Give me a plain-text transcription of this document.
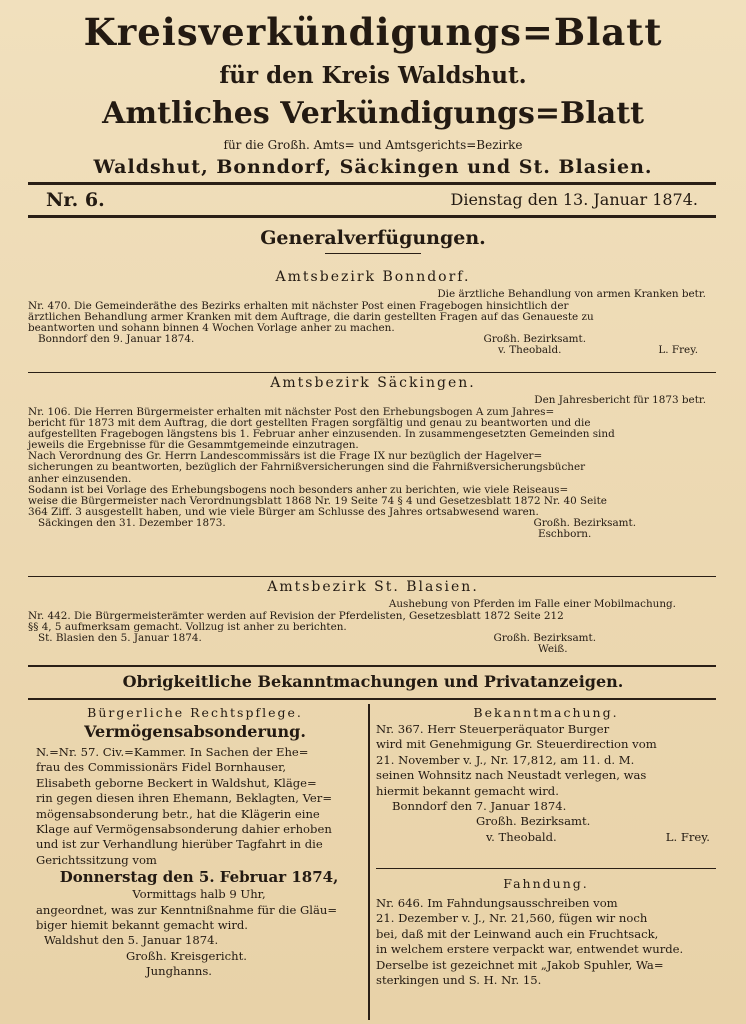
Kreisverkündigungs=Blatt
für den Kreis Waldshut.
Amtliches Verkündigungs=Blatt
für die Großh. Amts= und Amtsgerichts=Bezirke
Waldshut, Bonndorf, Säckingen und St. Blasien.
Nr. 6.	Dienstag den 13. Januar 1874.
Generalverfügungen.
Amtsbezirk Bonndorf.
Die ärztliche Behandlung von armen Kranken betr.
Nr. 470. Die Gemeinderäthe des Bezirks erhalten mit nächster Post einen Fragebogen hinsichtlich der
ärztlichen Behandlung armer Kranken mit dem Auftrage, die darin gestellten Fragen auf das Genaueste zu
beantworten und sohann binnen 4 Wochen Vorlage anher zu machen.
Bonndorf den 9. Januar 1874.	Großh. Bezirksamt.
v. Theobald.	L. Frey.
Amtsbezirk Säckingen.
Den Jahresbericht für 1873 betr.
Nr. 106. Die Herren Bürgermeister erhalten mit nächster Post den Erhebungsbogen A zum Jahres=
bericht für 1873 mit dem Auftrag, die dort gestellten Fragen sorgfältig und genau zu beantworten und die
aufgestellten Fragebogen längstens bis 1. Februar anher einzusenden. In zusammengesetzten Gemeinden sind
jeweils die Ergebnisse für die Gesammtgemeinde einzutragen.
Nach Verordnung des Gr. Herrn Landescommissärs ist die Frage IX nur bezüglich der Hagelver=
sicherungen zu beantworten, bezüglich der Fahrnißversicherungen sind die Fahrnißversicherungsbücher
anher einzusenden.
Sodann ist bei Vorlage des Erhebungsbogens noch besonders anher zu berichten, wie viele Reiseaus=
weise die Bürgermeister nach Verordnungsblatt 1868 Nr. 19 Seite 74 § 4 und Gesetzesblatt 1872 Nr. 40 Seite
364 Ziff. 3 ausgestellt haben, und wie viele Bürger am Schlusse des Jahres ortsabwesend waren.
Säckingen den 31. Dezember 1873.	Großh. Bezirksamt.
Eschborn.
Amtsbezirk St. Blasien.
Aushebung von Pferden im Falle einer Mobilmachung.
Nr. 442. Die Bürgermeisterämter werden auf Revision der Pferdelisten, Gesetzesblatt 1872 Seite 212
§§ 4, 5 aufmerksam gemacht. Vollzug ist anher zu berichten.
St. Blasien den 5. Januar 1874.	Großh. Bezirksamt.
Weiß.
Obrigkeitliche Bekanntmachungen und Privatanzeigen.
Bürgerliche Rechtspflege.
Vermögensabsonderung.
N.=Nr. 57. Civ.=Kammer. In Sachen der Ehe=
frau des Commissionärs Fidel Bornhauser,
Elisabeth geborne Beckert in Waldshut, Kläge=
rin gegen diesen ihren Ehemann, Beklagten, Ver=
mögensabsonderung betr., hat die Klägerin eine
Klage auf Vermögensabsonderung dahier erhoben
und ist zur Verhandlung hierüber Tagfahrt in die
Gerichtssitzung vom
Donnerstag den 5. Februar 1874,
Vormittags halb 9 Uhr,
angeordnet, was zur Kenntnißnahme für die Gläu=
biger hiemit bekannt gemacht wird.
Waldshut den 5. Januar 1874.
Großh. Kreisgericht.
Junghanns.
Bekanntmachung.
Nr. 367. Herr Steuerperäquator Burger
wird mit Genehmigung Gr. Steuerdirection vom
21. November v. J., Nr. 17,812, am 11. d. M.
seinen Wohnsitz nach Neustadt verlegen, was
hiermit bekannt gemacht wird.
Bonndorf den 7. Januar 1874.
Großh. Bezirksamt.
v. Theobald.	L. Frey.
Fahndung.
Nr. 646. Im Fahndungsausschreiben vom
21. Dezember v. J., Nr. 21,560, fügen wir noch
bei, daß mit der Leinwand auch ein Fruchtsack,
in welchem erstere verpackt war, entwendet wurde.
Derselbe ist gezeichnet mit „Jakob Spuhler, Wa=
sterkingen und S. H. Nr. 15.
